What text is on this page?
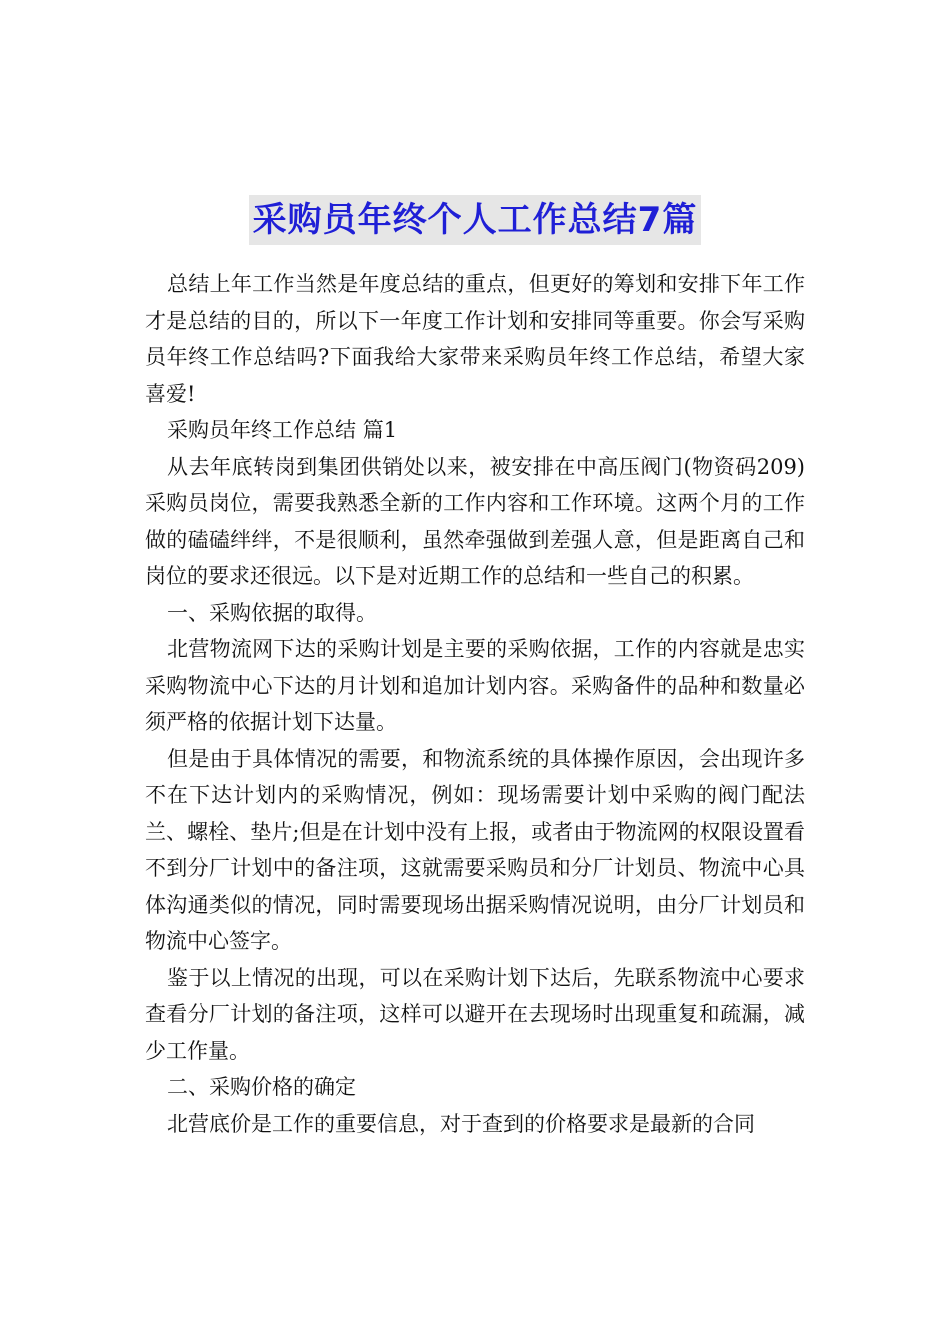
采购员年终个人工作总结7篇

总结上年工作当然是年度总结的重点，但更好的筹划和安排下年工作才是总结的目的，所以下一年度工作计划和安排同等重要。你会写采购员年终工作总结吗?下面我给大家带来采购员年终工作总结，希望大家喜爱!

采购员年终工作总结 篇1

从去年底转岗到集团供销处以来，被安排在中高压阀门(物资码209)采购员岗位，需要我熟悉全新的工作内容和工作环境。这两个月的工作做的磕磕绊绊，不是很顺利，虽然牵强做到差强人意，但是距离自己和岗位的要求还很远。以下是对近期工作的总结和一些自己的积累。

一、采购依据的取得。

北营物流网下达的采购计划是主要的采购依据，工作的内容就是忠实采购物流中心下达的月计划和追加计划内容。采购备件的品种和数量必须严格的依据计划下达量。

但是由于具体情况的需要，和物流系统的具体操作原因，会出现许多不在下达计划内的采购情况，例如：现场需要计划中采购的阀门配法兰、螺栓、垫片;但是在计划中没有上报，或者由于物流网的权限设置看不到分厂计划中的备注项，这就需要采购员和分厂计划员、物流中心具体沟通类似的情况，同时需要现场出据采购情况说明，由分厂计划员和物流中心签字。

鉴于以上情况的出现，可以在采购计划下达后，先联系物流中心要求查看分厂计划的备注项，这样可以避开在去现场时出现重复和疏漏，减少工作量。

二、采购价格的确定

北营底价是工作的重要信息，对于查到的价格要求是最新的合同
